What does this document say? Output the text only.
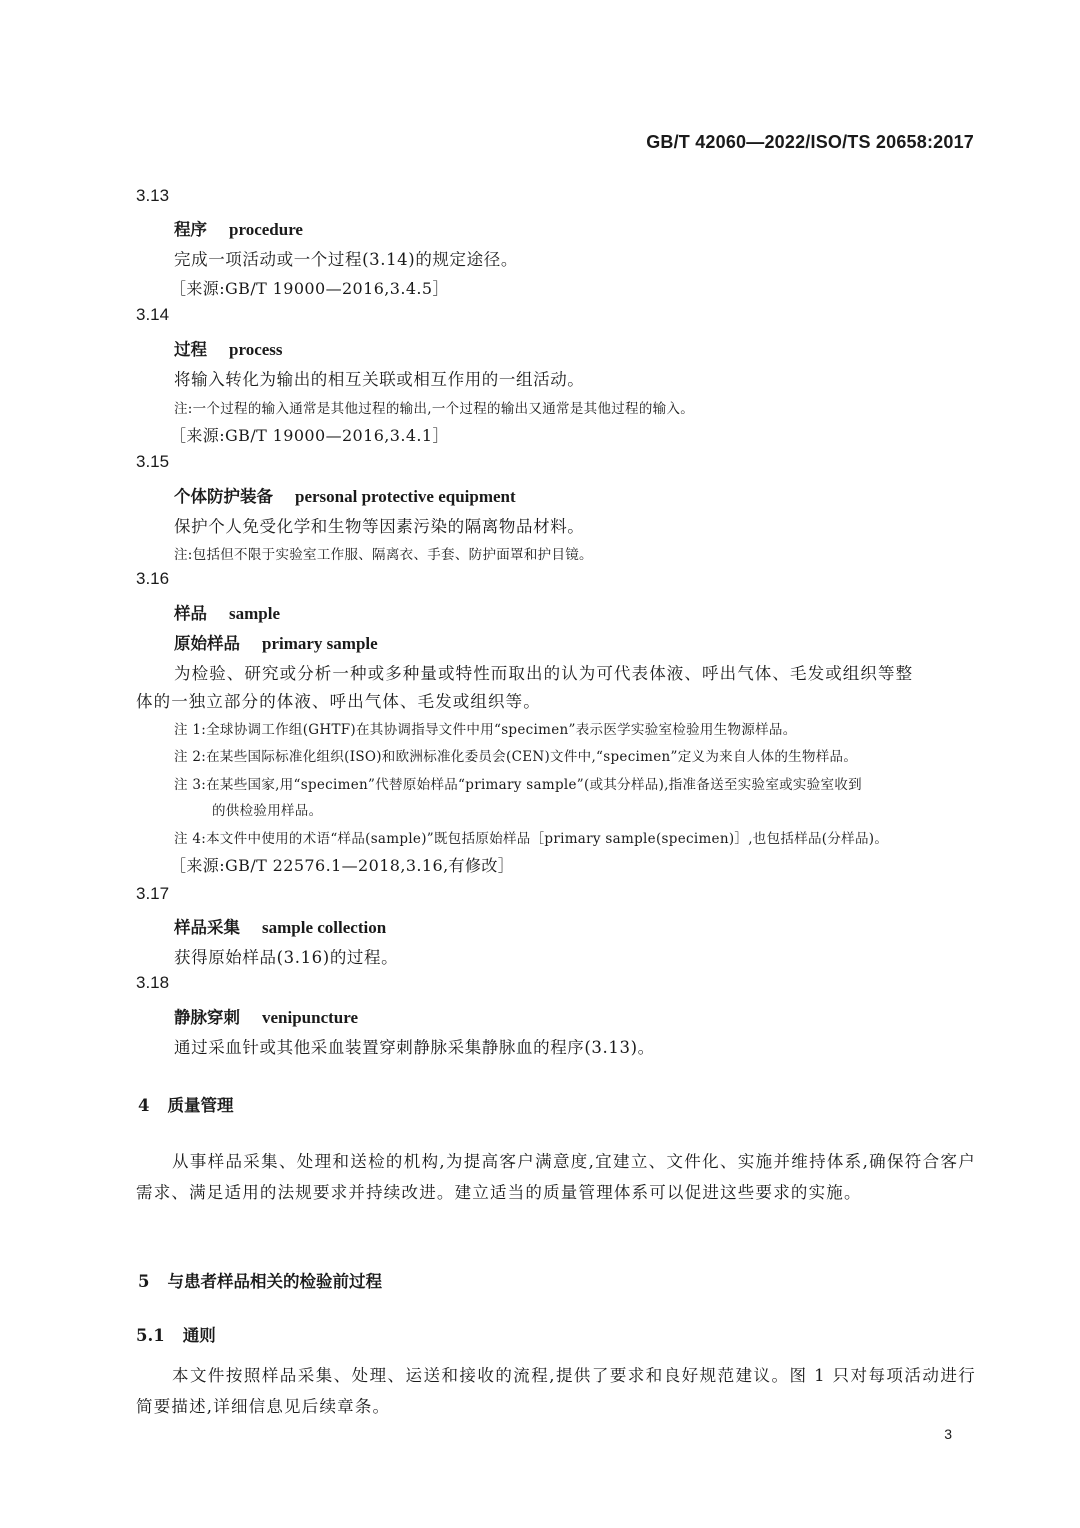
GB/T 42060—2022/ISO/TS 20658:2017
3.13
程序 procedure
完成一项活动或一个过程(3.14)的规定途径。
［来源:GB/T 19000—2016,3.4.5］
3.14
过程 process
将输入转化为输出的相互关联或相互作用的一组活动。
注:一个过程的输入通常是其他过程的输出,一个过程的输出又通常是其他过程的输入。
［来源:GB/T 19000—2016,3.4.1］
3.15
个体防护装备 personal protective equipment
保护个人免受化学和生物等因素污染的隔离物品材料。
注:包括但不限于实验室工作服、隔离衣、手套、防护面罩和护目镜。
3.16
样品 sample
原始样品 primary sample
为检验、研究或分析一种或多种量或特性而取出的认为可代表体液、呼出气体、毛发或组织等整
体的一独立部分的体液、呼出气体、毛发或组织等。
注 1:全球协调工作组(GHTF)在其协调指导文件中用“specimen”表示医学实验室检验用生物源样品。
注 2:在某些国际标准化组织(ISO)和欧洲标准化委员会(CEN)文件中,“specimen”定义为来自人体的生物样品。
注 3:在某些国家,用“specimen”代替原始样品“primary sample”(或其分样品),指准备送至实验室或实验室收到
的供检验用样品。
注 4:本文件中使用的术语“样品(sample)”既包括原始样品［primary sample(specimen)］,也包括样品(分样品)。
［来源:GB/T 22576.1—2018,3.16,有修改］
3.17
样品采集 sample collection
获得原始样品(3.16)的过程。
3.18
静脉穿刺 venipuncture
通过采血针或其他采血装置穿刺静脉采集静脉血的程序(3.13)。
4 质量管理
从事样品采集、处理和送检的机构,为提高客户满意度,宜建立、文件化、实施并维持体系,确保符合客户需求、满足适用的法规要求并持续改进。建立适当的质量管理体系可以促进这些要求的实施。
5 与患者样品相关的检验前过程
5.1 通则
本文件按照样品采集、处理、运送和接收的流程,提供了要求和良好规范建议。图 1 只对每项活动进行简要描述,详细信息见后续章条。
3
